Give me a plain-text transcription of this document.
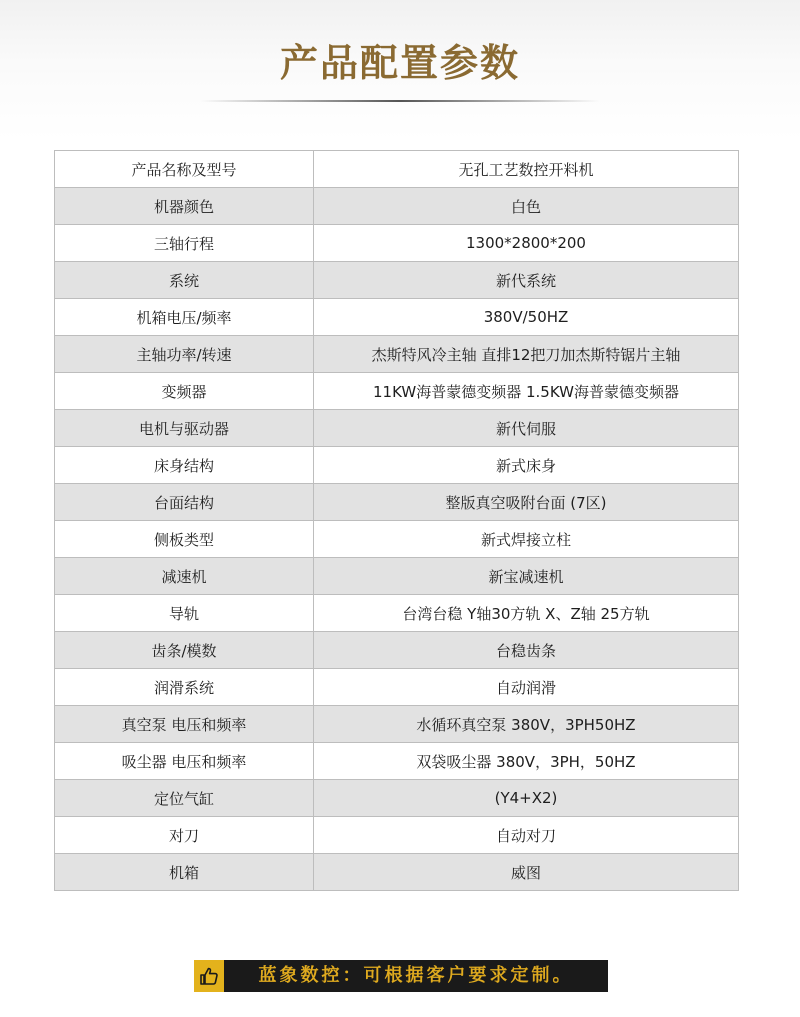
产品配置参数
产品名称及型号	无孔工艺数控开料机
机器颜色	白色
三轴行程	1300*2800*200
系统	新代系统
机箱电压/频率	380V/50HZ
主轴功率/转速	杰斯特风冷主轴 直排12把刀加杰斯特锯片主轴
变频器	11KW海普蒙德变频器 1.5KW海普蒙德变频器
电机与驱动器	新代伺服
床身结构	新式床身
台面结构	整版真空吸附台面 (7区)
侧板类型	新式焊接立柱
减速机	新宝减速机
导轨	台湾台稳 Y轴30方轨 X、Z轴 25方轨
齿条/模数	台稳齿条
润滑系统	自动润滑
真空泵 电压和频率	水循环真空泵 380V，3PH50HZ
吸尘器 电压和频率	双袋吸尘器 380V，3PH，50HZ
定位气缸	(Y4+X2)
对刀	自动对刀
机箱	威图
蓝象数控：可根据客户要求定制。
